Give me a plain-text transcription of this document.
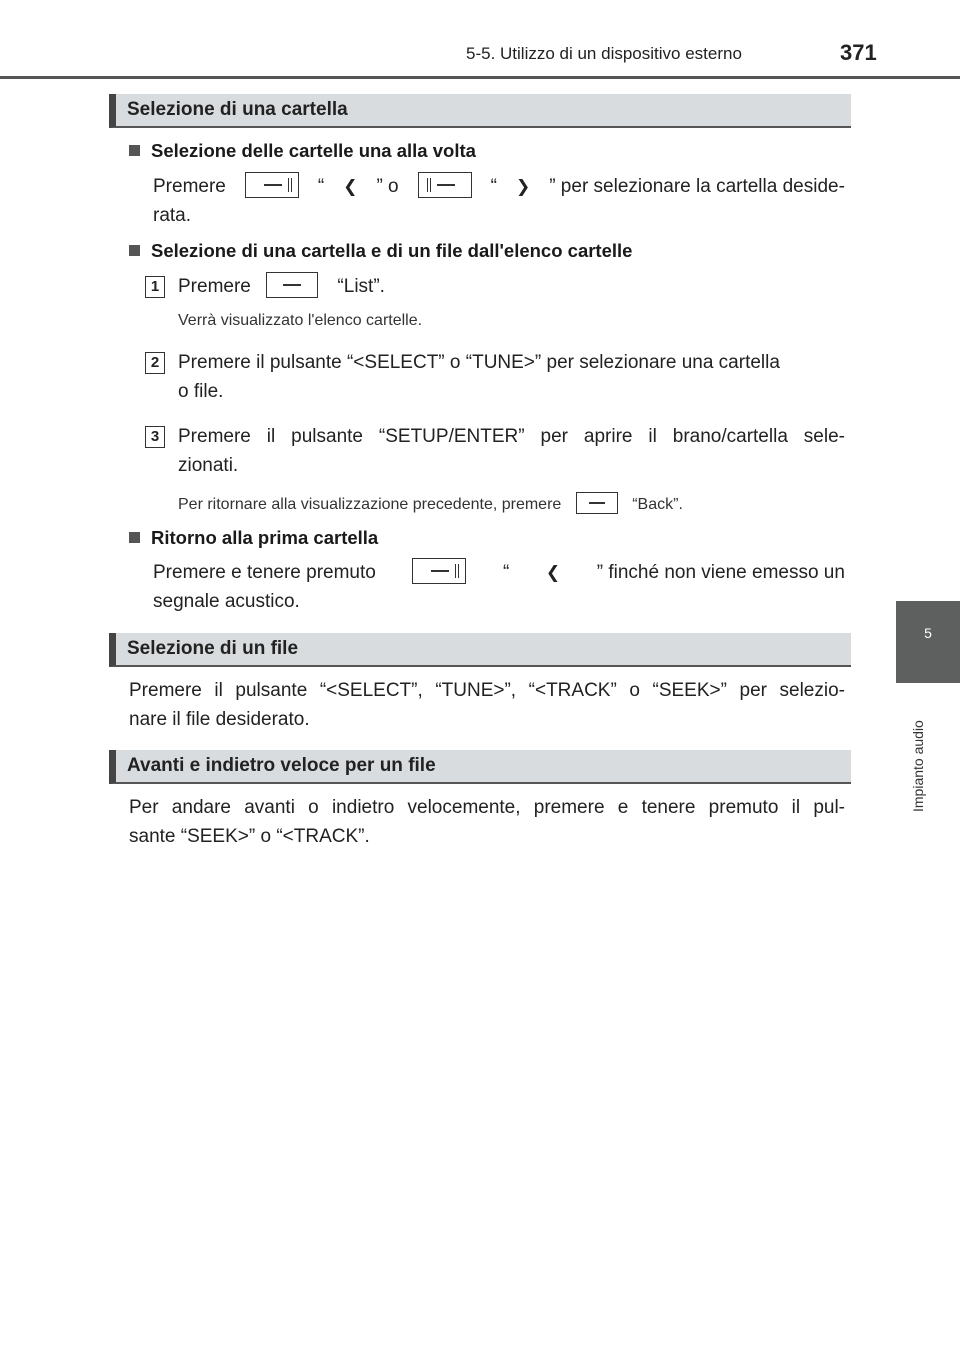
5-5. Utilizzo di un dispositivo esterno	371
5
Impianto audio
Selezione di una cartella
Selezione delle cartelle una alla volta
Premere	“ ❮ ” o	“ ❯ ” per selezionare la cartella deside-
rata.
Selezione di una cartella e di un file dall'elenco cartelle
1 Premere	“List”.
Verrà visualizzato l'elenco cartelle.
2 Premere il pulsante “<SELECT” o “TUNE>” per selezionare una cartella
o file.
3 Premere il pulsante “SETUP/ENTER” per aprire il brano/cartella sele-
zionati.
Per ritornare alla visualizzazione precedente, premere	“Back”.
Ritorno alla prima cartella
Premere e tenere premuto	“ ❮ ” finché non viene emesso un
segnale acustico.
Selezione di un file
Premere il pulsante “<SELECT”, “TUNE>”, “<TRACK” o “SEEK>” per selezio-
nare il file desiderato.
Avanti e indietro veloce per un file
Per andare avanti o indietro velocemente, premere e tenere premuto il pul-
sante “SEEK>” o “<TRACK”.
